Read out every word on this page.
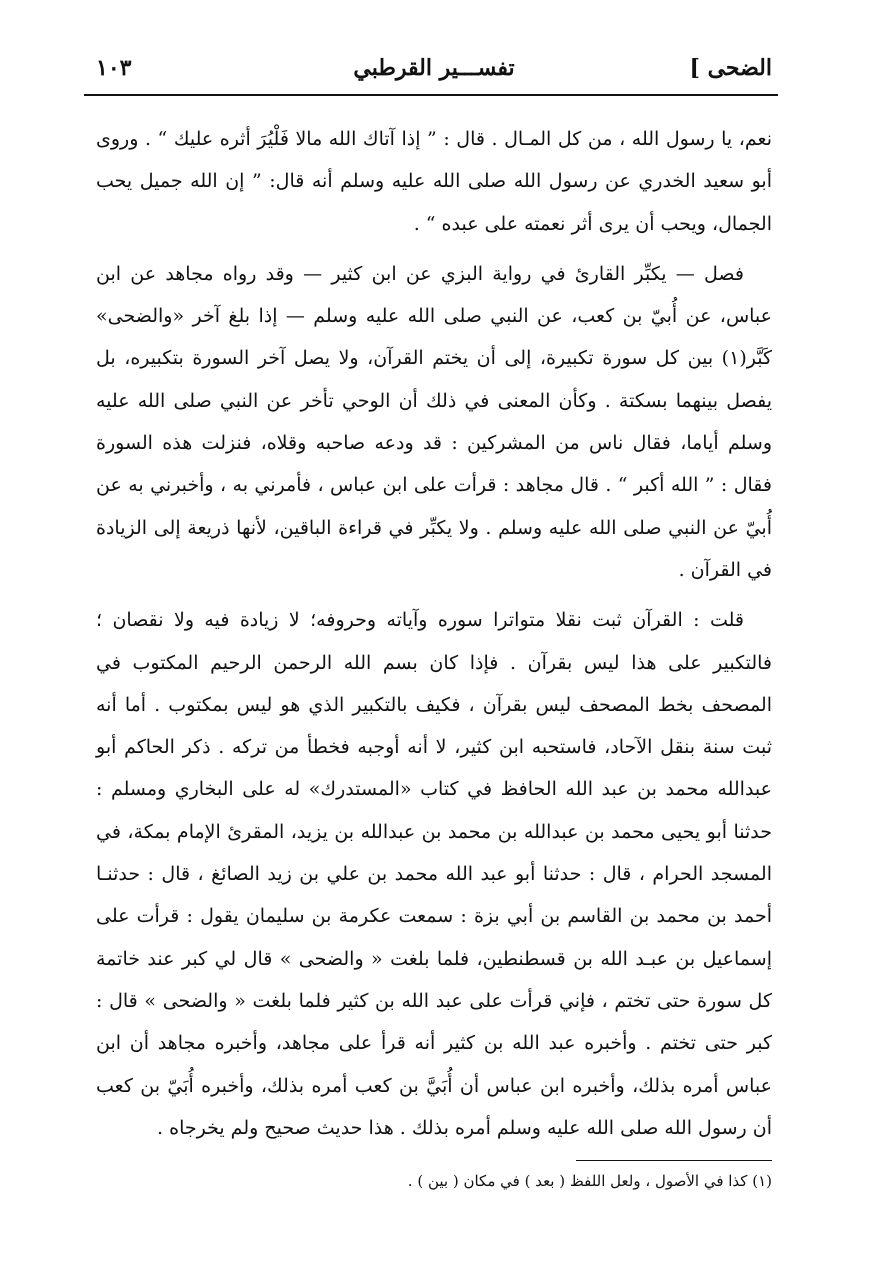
الضحى ]
تفســـير القرطبي
١٠٣

نعم، يا رسول الله ، من كل المـال . قال : ” إذا آتاك الله مالا فَلْيُرَ أثره عليك “ . وروى أبو سعيد الخدري عن رسول الله صلى الله عليه وسلم أنه قال: ” إن الله جميل يحب الجمال، ويحب أن يرى أثر نعمته على عبده “ .

فصل — يكبِّر القارئ في رواية البزي عن ابن كثير — وقد رواه مجاهد عن ابن عباس، عن أُبيّ بن كعب، عن النبي صلى الله عليه وسلم — إذا بلغ آخر «والضحى» كَبَّر(١) بين كل سورة تكبيرة، إلى أن يختم القرآن، ولا يصل آخر السورة بتكبيره، بل يفصل بينهما بسكتة . وكأن المعنى في ذلك أن الوحي تأخر عن النبي صلى الله عليه وسلم أياما، فقال ناس من المشركين : قد ودعه صاحبه وقلاه، فنزلت هذه السورة فقال : ” الله أكبر “ . قال مجاهد : قرأت على ابن عباس ، فأمرني به ، وأخبرني به عن أُبيّ عن النبي صلى الله عليه وسلم . ولا يكبِّر في قراءة الباقين، لأنها ذريعة إلى الزيادة في القرآن .

قلت : القرآن ثبت نقلا متواترا سوره وآياته وحروفه؛ لا زيادة فيه ولا نقصان ؛ فالتكبير على هذا ليس بقرآن . فإذا كان بسم الله الرحمن الرحيم المكتوب في المصحف بخط المصحف ليس بقرآن ، فكيف بالتكبير الذي هو ليس بمكتوب . أما أنه ثبت سنة بنقل الآحاد، فاستحبه ابن كثير، لا أنه أوجبه فخطأ من تركه . ذكر الحاكم أبو عبدالله محمد بن عبد الله الحافظ في كتاب «المستدرك» له على البخاري ومسلم : حدثنا أبو يحيى محمد بن عبدالله بن محمد بن عبدالله بن يزيد، المقرئ الإمام بمكة، في المسجد الحرام ، قال : حدثنا أبو عبد الله محمد بن علي بن زيد الصائغ ، قال : حدثنـا أحمد بن محمد بن القاسم بن أبي بزة : سمعت عكرمة بن سليمان يقول : قرأت على إسماعيل بن عبـد الله بن قسطنطين، فلما بلغت « والضحى » قال لي كبر عند خاتمة كل سورة حتى تختم ، فإني قرأت على عبد الله بن كثير فلما بلغت « والضحى » قال : كبر حتى تختم . وأخبره عبد الله بن كثير أنه قرأ على مجاهد، وأخبره مجاهد أن ابن عباس أمره بذلك، وأخبره ابن عباس أن أُبَيَّ بن كعب أمره بذلك، وأخبره أُبَيّ بن كعب أن رسول الله صلى الله عليه وسلم أمره بذلك . هذا حديث صحيح ولم يخرجاه .

(١) كذا في الأصول ، ولعل اللفظ ( بعد ) في مكان ( بين ) .
